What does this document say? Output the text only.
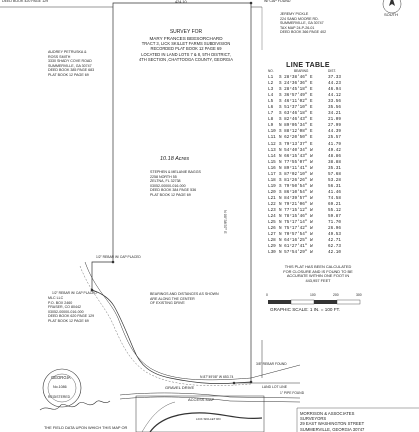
DEED BOOK 420 PAGE 129	424.10	W/ CAP FOUND
SOUTH
SURVEY FOR
MARY FRANCES BEESORCHARD
TRACT 3, LICK SKILLET FARMS SUBDIVISION
RECORDED PLAT BOOK 12 PAGE 69
LOCATED IN LAND LOTS 7 & 8, 5TH DISTRICT,
4TH SECTION ,CHATTOOGA COUNTY, GEORGIA
JEREMY PICKLE
224 SAND MOORE RD.
SUMMERVILLE, GA 30747
TAX MAP 24-P-26-01
DEED BOOK 366 PAGE 402
AUDREY PETRUSKA &
ROSS SMITH
3330 SHADY COVE ROAD
SUMMERVILLE, GA 30747
DEED BOOK 385 PAGE 683
PLAT BOOK 12 PAGE 69
10.18 Acres
STEPHEN & MELANIE BAGGS
2258 NORTH 55
ZELTNA, FL 32738
03052-00000-016-000
DEED BOOK 384 PAGE 536
PLAT BOOK 12 PAGE 69
N 00°38'37" E
LINE TABLE
NO.	BEARING	DIST.
L1 S 28°38'46" E	37.33
L2 S 24°36'36" E	44.23
L3 S 28°45'18" E	46.94
L4 S 36°57'49" E	44.12
L5 S 46°11'02" E	33.56
L6 S 51°37'10" E	35.56
L7 S 63°46'18" E	34.21
L8 S 82°46'43" E	21.09
L9 N 89°05'34" E	27.99
L10 S 88°12'08" E	44.39
L11 N 62°20'50" E	25.57
L12 S 79°13'37" E	41.79
L13 N 54°40'34" W	49.42
L14 N 66°15'43" W	48.86
L15 N 77°55'07" W	38.88
L16 N 89°11'41" W	35.31
L17 S 87°02'10" W	57.68
L18 S 81°26'26" W	53.28
L19 S 79°50'54" W	56.31
L20 S 86°10'54" W	41.46
L21 N 84°39'57" W	74.58
L22 N 79°21'06" W	69.21
L23 N 77°15'12" W	55.12
L24 N 78°15'46" W	59.87
L25 N 75°17'14" W	71.70
L26 N 75°17'42" W	26.96
L27 N 70°57'54" W	49.53
L28 N 64°16'25" W	42.71
L29 N 61°27'41" W	62.73
L30 N 57°54'29" W	42.10
THIS PLAT HAS BEEN CALCULATED
FOR CLOSURE AND IS FOUND TO BE
ACCURATE WITHIN ONE FOOT IN
443,957 FEET
0	100	200	300
GRAPHIC SCALE: 1 IN. = 100 FT.
1/2" REBAR W/ CAP PLACED
1/2" REBAR W/ CAP PLACED
3/8" REBAR FOUND
1" PIPE FOUND
BEARINGS AND DISTANCES AS SHOWN
ARE ALONG THE CENTER
OF EXISTING DRIVE
GRAVEL DRIVE
MLC LLC
P.O. BOX 2460
FRASER, CO 80442
03052-00000-016-000
DEED BOOK 620 PAGE 129
PLAT BOOK 12 PAGE 69
N 87°49'08" W 653.74
LAND LOT LINE
ACCESS MAP
LICK SKILLET RD
GEORGIA
No.1086
REGISTERED
MORRISON & ASSOCIATES
SURVEYORS
29 EAST WASHINGTON STREET
SUMMERVILLE, GEORGIA 30747
THE FIELD DATA UPON WHICH THIS MAP OR
